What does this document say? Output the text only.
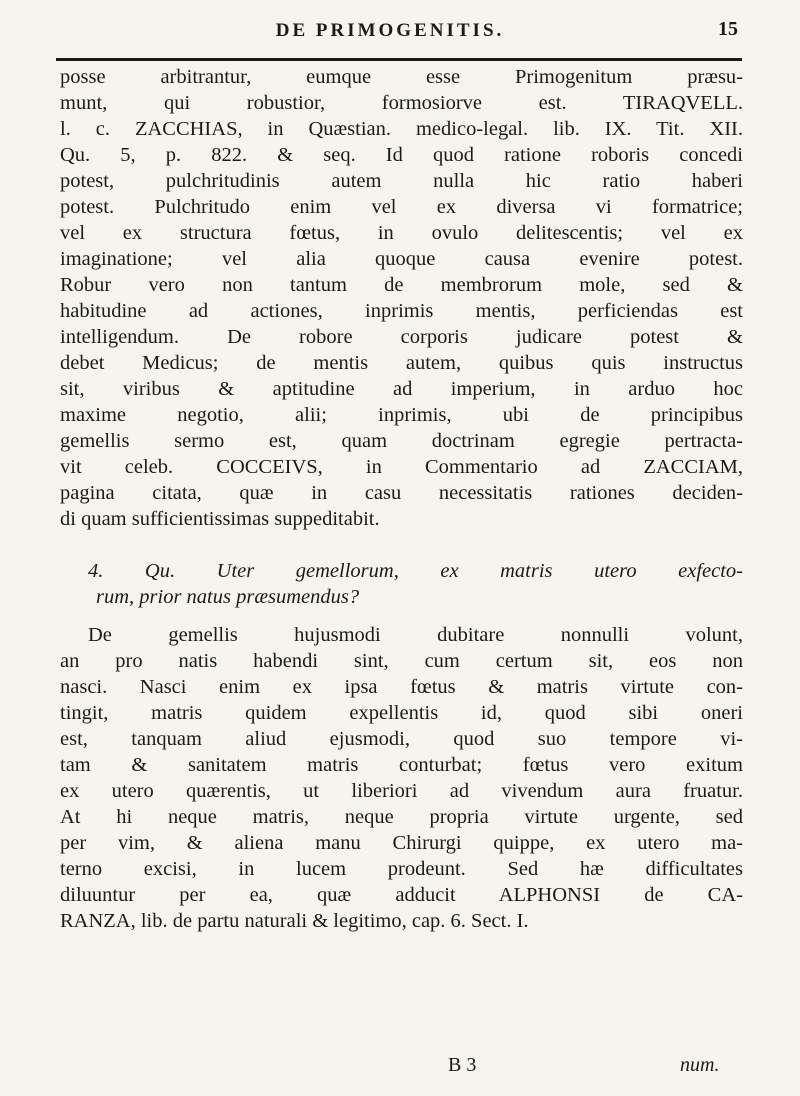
DE PRIMOGENITIS.	15
posse arbitrantur, eumque esse Primogenitum præsu-
munt, qui robustior, formosiorve est. TIRAQVELL.
l. c. ZACCHIAS, in Quæstian. medico-legal. lib. IX. Tit. XII.
Qu. 5, p. 822. & seq. Id quod ratione roboris concedi
potest, pulchritudinis autem nulla hic ratio haberi
potest. Pulchritudo enim vel ex diversa vi formatrice;
vel ex structura fœtus, in ovulo delitescentis; vel ex
imaginatione; vel alia quoque causa evenire potest.
Robur vero non tantum de membrorum mole, sed &
habitudine ad actiones, inprimis mentis, perficiendas est
intelligendum. De robore corporis judicare potest &
debet Medicus; de mentis autem, quibus quis instructus
sit, viribus & aptitudine ad imperium, in arduo hoc
maxime negotio, alii; inprimis, ubi de principibus
gemellis sermo est, quam doctrinam egregie pertracta-
vit celeb. COCCEIVS, in Commentario ad ZACCIAM,
pagina citata, quæ in casu necessitatis rationes deciden-
di quam sufficientissimas suppeditabit.
4. Qu. Uter gemellorum, ex matris utero exfecto-
rum, prior natus præsumendus?
De gemellis hujusmodi dubitare nonnulli volunt,
an pro natis habendi sint, cum certum sit, eos non
nasci. Nasci enim ex ipsa fœtus & matris virtute con-
tingit, matris quidem expellentis id, quod sibi oneri
est, tanquam aliud ejusmodi, quod suo tempore vi-
tam & sanitatem matris conturbat; fœtus vero exitum
ex utero quærentis, ut liberiori ad vivendum aura fruatur.
At hi neque matris, neque propria virtute urgente, sed
per vim, & aliena manu Chirurgi quippe, ex utero ma-
terno excisi, in lucem prodeunt. Sed hæ difficultates
diluuntur per ea, quæ adducit ALPHONSI de CA-
RANZA, lib. de partu naturali & legitimo, cap. 6. Sect. I.
B 3	num.
